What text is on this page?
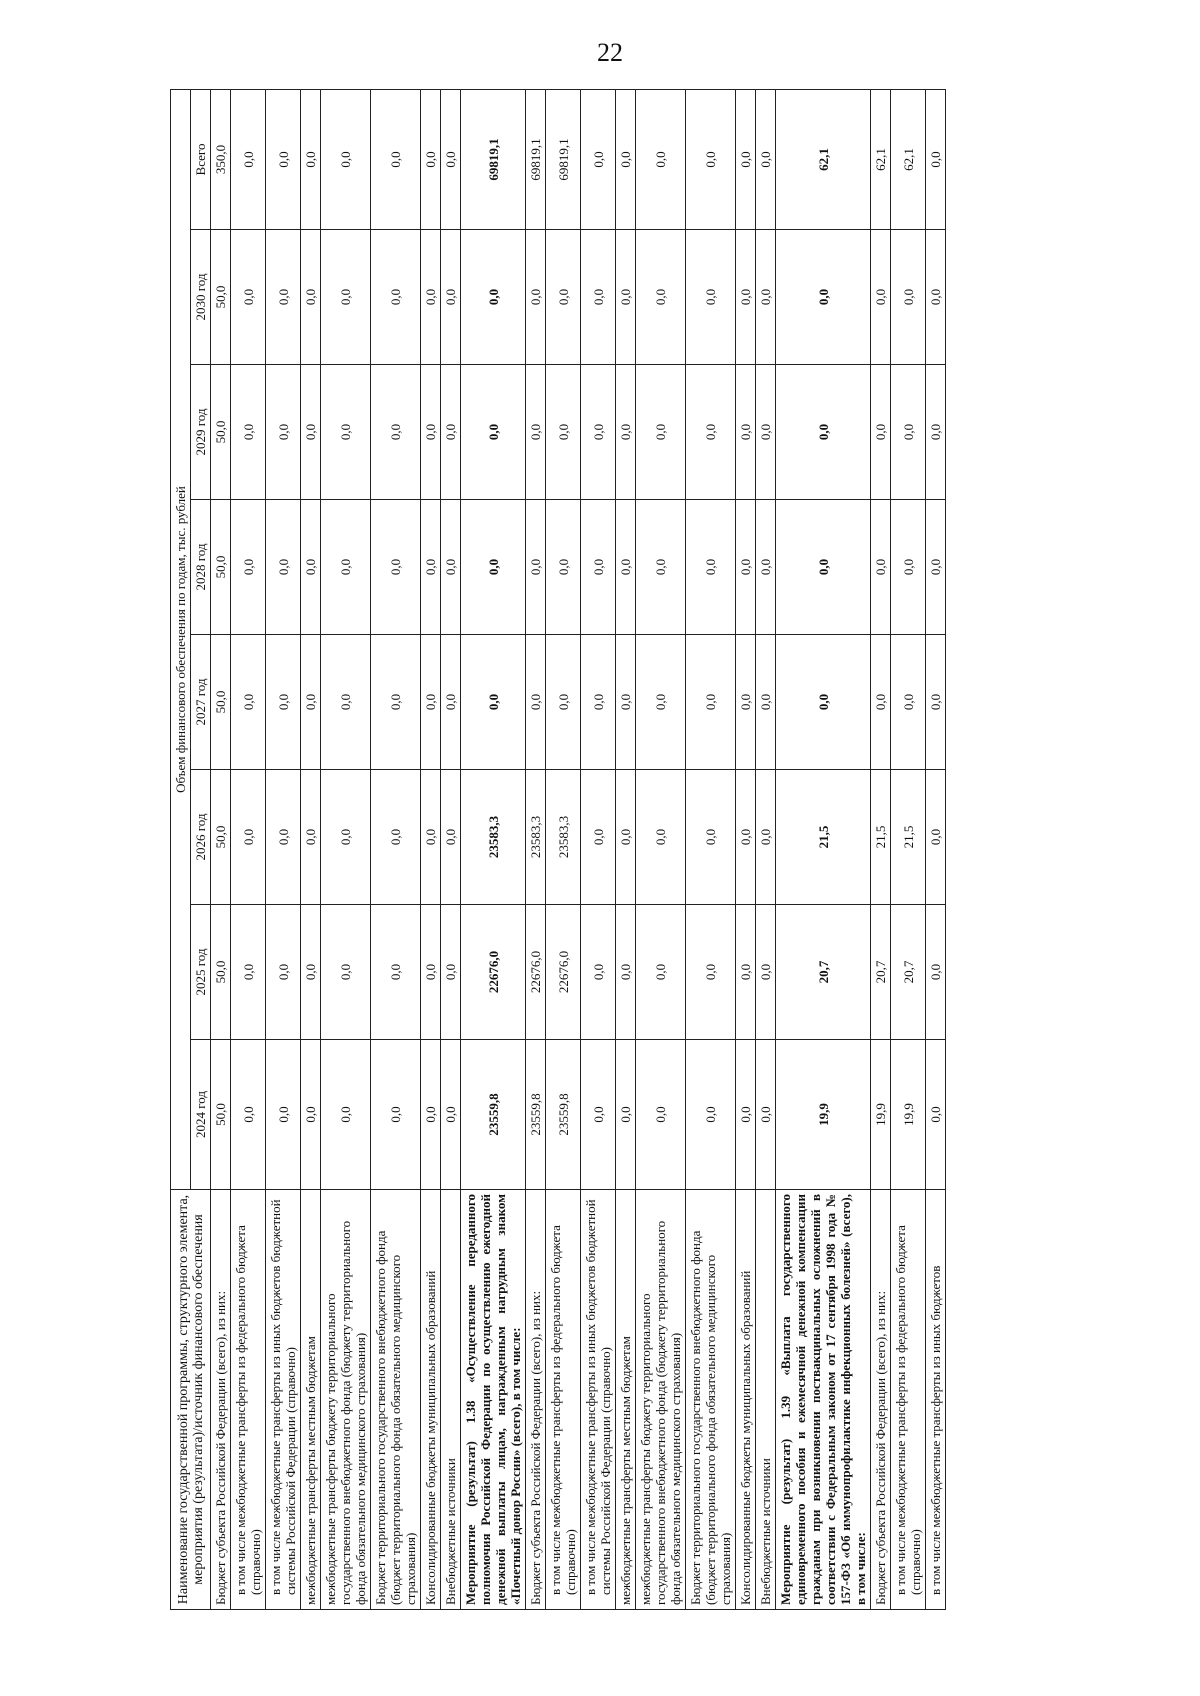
22
Наименование государственной программы, структурного элемента, мероприятия (результата)/источник финансового обеспечения	Объем финансового обеспечения по годам, тыс. рублей							
	2024 год	2025 год	2026 год	2027 год	2028 год	2029 год	2030 год	Всего
Бюджет субъекта Российской Федерации (всего), из них:	50,0	50,0	50,0	50,0	50,0	50,0	50,0	350,0
в том числе межбюджетные трансферты из федерального бюджета (справочно)	0,0	0,0	0,0	0,0	0,0	0,0	0,0	0,0
в том числе межбюджетные трансферты из иных бюджетов бюджетной системы Российской Федерации (справочно)	0,0	0,0	0,0	0,0	0,0	0,0	0,0	0,0
межбюджетные трансферты местным бюджетам	0,0	0,0	0,0	0,0	0,0	0,0	0,0	0,0
межбюджетные трансферты бюджету территориального государственного внебюджетного фонда (бюджету территориального фонда обязательного медицинского страхования)	0,0	0,0	0,0	0,0	0,0	0,0	0,0	0,0
Бюджет территориального государственного внебюджетного фонда (бюджет территориального фонда обязательного медицинского страхования)	0,0	0,0	0,0	0,0	0,0	0,0	0,0	0,0
Консолидированные бюджеты муниципальных образований	0,0	0,0	0,0	0,0	0,0	0,0	0,0	0,0
Внебюджетные источники	0,0	0,0	0,0	0,0	0,0	0,0	0,0	0,0
Мероприятие (результат) 1.38 «Осуществление переданного полномочия Российской Федерации по осуществлению ежегодной денежной выплаты лицам, награжденным нагрудным знаком «Почетный донор России» (всего), в том числе:	23559,8	22676,0	23583,3	0,0	0,0	0,0	0,0	69819,1
Бюджет субъекта Российской Федерации (всего), из них:	23559,8	22676,0	23583,3	0,0	0,0	0,0	0,0	69819,1
в том числе межбюджетные трансферты из федерального бюджета (справочно)	23559,8	22676,0	23583,3	0,0	0,0	0,0	0,0	69819,1
в том числе межбюджетные трансферты из иных бюджетов бюджетной системы Российской Федерации (справочно)	0,0	0,0	0,0	0,0	0,0	0,0	0,0	0,0
межбюджетные трансферты местным бюджетам	0,0	0,0	0,0	0,0	0,0	0,0	0,0	0,0
межбюджетные трансферты бюджету территориального государственного внебюджетного фонда (бюджету территориального фонда обязательного медицинского страхования)	0,0	0,0	0,0	0,0	0,0	0,0	0,0	0,0
Бюджет территориального государственного внебюджетного фонда (бюджет территориального фонда обязательного медицинского страхования)	0,0	0,0	0,0	0,0	0,0	0,0	0,0	0,0
Консолидированные бюджеты муниципальных образований	0,0	0,0	0,0	0,0	0,0	0,0	0,0	0,0
Внебюджетные источники	0,0	0,0	0,0	0,0	0,0	0,0	0,0	0,0
Мероприятие (результат) 1.39 «Выплата государственного единовременного пособия и ежемесячной денежной компенсации гражданам при возникновении поствакцинальных осложнений в соответствии с Федеральным законом от 17 сентября 1998 года № 157-ФЗ «Об иммунопрофилактике инфекционных болезней» (всего), в том числе:	19,9	20,7	21,5	0,0	0,0	0,0	0,0	62,1
Бюджет субъекта Российской Федерации (всего), из них:	19,9	20,7	21,5	0,0	0,0	0,0	0,0	62,1
в том числе межбюджетные трансферты из федерального бюджета (справочно)	19,9	20,7	21,5	0,0	0,0	0,0	0,0	62,1
в том числе межбюджетные трансферты из иных бюджетов	0,0	0,0	0,0	0,0	0,0	0,0	0,0	0,0
